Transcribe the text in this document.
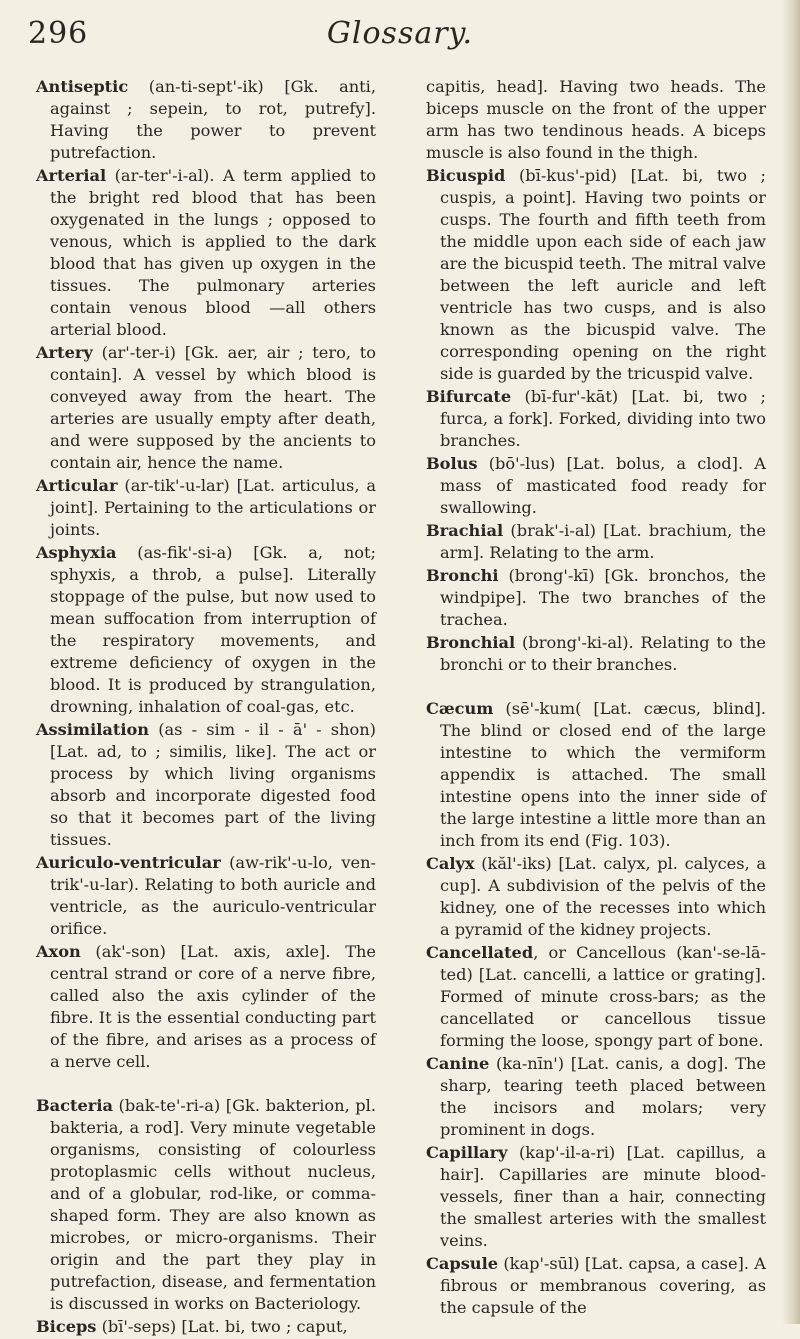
296	Glossary.

Antiseptic (an-ti-sept'-ik) [Gk. anti, against ; sepein, to rot, putrefy]. Having the power to prevent putrefaction.

Arterial (ar-ter'-i-al). A term applied to the bright red blood that has been oxygenated in the lungs ; opposed to venous, which is applied to the dark blood that has given up oxygen in the tissues. The pulmonary arteries contain venous blood —all others arterial blood.

Artery (ar'-ter-i) [Gk. aer, air ; tero, to contain]. A vessel by which blood is conveyed away from the heart. The arteries are usually empty after death, and were supposed by the ancients to contain air, hence the name.

Articular (ar-tik'-u-lar) [Lat. articulus, a joint]. Pertaining to the articulations or joints.

Asphyxia (as-fik'-si-a) [Gk. a, not; sphyxis, a throb, a pulse]. Literally stoppage of the pulse, but now used to mean suffocation from interruption of the respiratory movements, and extreme deficiency of oxygen in the blood. It is produced by strangulation, drowning, inhalation of coal-gas, etc.

Assimilation (as - sim - il - ā' - shon) [Lat. ad, to ; similis, like]. The act or process by which living organisms absorb and incorporate digested food so that it becomes part of the living tissues.

Auriculo-ventricular (aw-rik'-u-lo, ven-trik'-u-lar). Relating to both auricle and ventricle, as the auriculo-ventricular orifice.

Axon (ak'-son) [Lat. axis, axle]. The central strand or core of a nerve fibre, called also the axis cylinder of the fibre. It is the essential conducting part of the fibre, and arises as a process of a nerve cell.

Bacteria (bak-te'-ri-a) [Gk. bakterion, pl. bakteria, a rod]. Very minute vegetable organisms, consisting of colourless protoplasmic cells without nucleus, and of a globular, rod-like, or comma-shaped form. They are also known as microbes, or micro-organisms. Their origin and the part they play in putrefaction, disease, and fermentation is discussed in works on Bacteriology.

Biceps (bī'-seps) [Lat. bi, two ; caput,

capitis, head]. Having two heads. The biceps muscle on the front of the upper arm has two tendinous heads. A biceps muscle is also found in the thigh.

Bicuspid (bī-kus'-pid) [Lat. bi, two ; cuspis, a point]. Having two points or cusps. The fourth and fifth teeth from the middle upon each side of each jaw are the bicuspid teeth. The mitral valve between the left auricle and left ventricle has two cusps, and is also known as the bicuspid valve. The corresponding opening on the right side is guarded by the tricuspid valve.

Bifurcate (bī-fur'-kāt) [Lat. bi, two ; furca, a fork]. Forked, dividing into two branches.

Bolus (bō'-lus) [Lat. bolus, a clod]. A mass of masticated food ready for swallowing.

Brachial (brak'-i-al) [Lat. brachium, the arm]. Relating to the arm.

Bronchi (brong'-kī) [Gk. bronchos, the windpipe]. The two branches of the trachea.

Bronchial (brong'-ki-al). Relating to the bronchi or to their branches.

Cæcum (sē'-kum( [Lat. cæcus, blind]. The blind or closed end of the large intestine to which the vermiform appendix is attached. The small intestine opens into the inner side of the large intestine a little more than an inch from its end (Fig. 103).

Calyx (kăl'-iks) [Lat. calyx, pl. calyces, a cup]. A subdivision of the pelvis of the kidney, one of the recesses into which a pyramid of the kidney projects.

Cancellated, or Cancellous (kan'-se-lā-ted) [Lat. cancelli, a lattice or grating]. Formed of minute cross-bars; as the cancellated or cancellous tissue forming the loose, spongy part of bone.

Canine (ka-nīn') [Lat. canis, a dog]. The sharp, tearing teeth placed between the incisors and molars; very prominent in dogs.

Capillary (kap'-il-a-ri) [Lat. capillus, a hair]. Capillaries are minute blood-vessels, finer than a hair, connecting the smallest arteries with the smallest veins.

Capsule (kap'-sūl) [Lat. capsa, a case]. A fibrous or membranous covering, as the capsule of the
